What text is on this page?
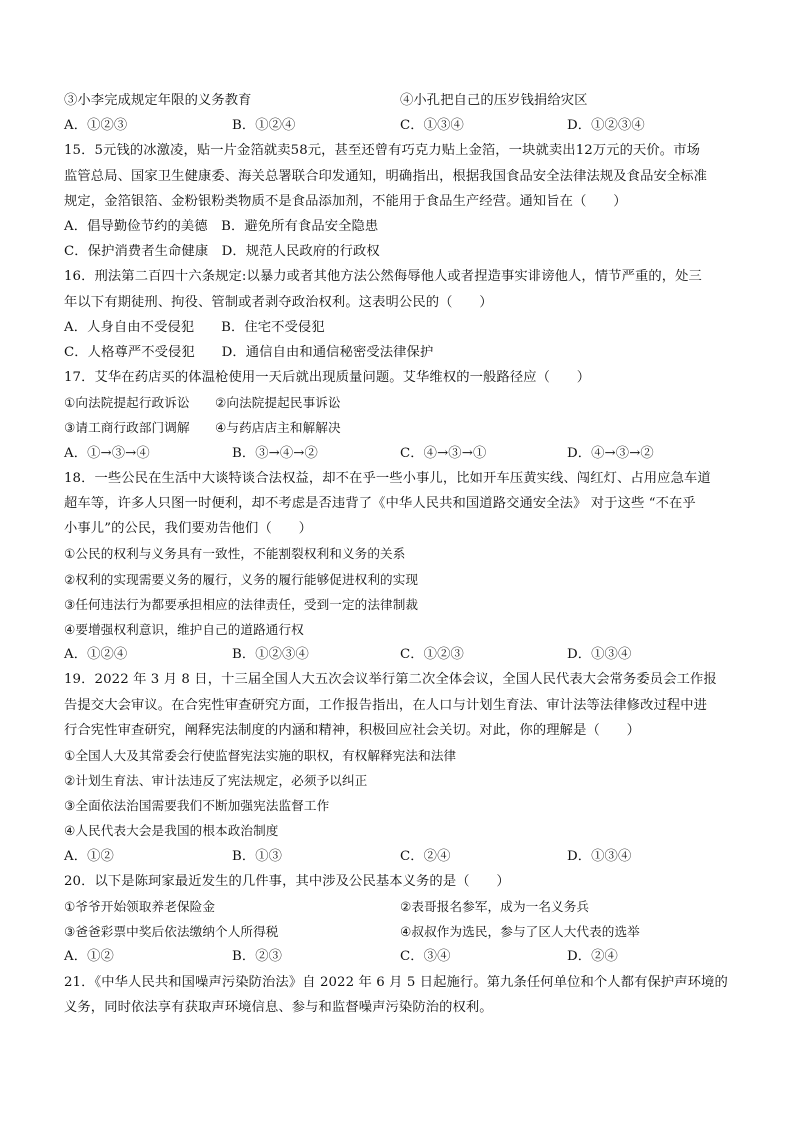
③小李完成规定年限的义务教育	④小孔把自己的压岁钱捐给灾区
A．①②③	B．①②④	C．①③④	D．①②③④
15．5元钱的冰激凌，贴一片金箔就卖58元，甚至还曾有巧克力贴上金箔，一块就卖出12万元的天价。市场
监管总局、国家卫生健康委、海关总署联合印发通知，明确指出，根据我国食品安全法律法规及食品安全标准
规定，金箔银箔、金粉银粉类物质不是食品添加剂，不能用于食品生产经营。通知旨在（　　）
A．倡导勤俭节约的美德　B．避免所有食品安全隐患
C．保护消费者生命健康　D．规范人民政府的行政权
16．刑法第二百四十六条规定:以暴力或者其他方法公然侮辱他人或者捏造事实诽谤他人，情节严重的，处三
年以下有期徒刑、拘役、管制或者剥夺政治权利。这表明公民的（　　）
A．人身自由不受侵犯　　B．住宅不受侵犯
C．人格尊严不受侵犯　　D．通信自由和通信秘密受法律保护
17．艾华在药店买的体温枪使用一天后就出现质量问题。艾华维权的一般路径应（　　）
①向法院提起行政诉讼　　②向法院提起民事诉讼
③请工商行政部门调解　　④与药店店主和解解决
A．①→③→④	B．③→④→②	C．④→③→①	D．④→③→②
18．一些公民在生活中大谈特谈合法权益，却不在乎一些小事儿，比如开车压黄实线、闯红灯、占用应急车道
超车等，许多人只图一时便利，却不考虑是否违背了《中华人民共和国道路交通安全法》 对于这些 “不在乎
小事儿”的公民，我们要劝告他们（　　）
①公民的权利与义务具有一致性，不能割裂权利和义务的关系
②权利的实现需要义务的履行，义务的履行能够促进权利的实现
③任何违法行为都要承担相应的法律责任，受到一定的法律制裁
④要增强权利意识，维护自己的道路通行权
A．①②④	B．①②③④	C．①②③	D．①③④
19．2022 年 3 月 8 日，十三届全国人大五次会议举行第二次全体会议，全国人民代表大会常务委员会工作报
告提交大会审议。在合宪性审查研究方面，工作报告指出，在人口与计划生育法、审计法等法律修改过程中进
行合宪性审查研究，阐释宪法制度的内涵和精神，积极回应社会关切。对此，你的理解是（　　）
①全国人大及其常委会行使监督宪法实施的职权，有权解释宪法和法律
②计划生育法、审计法违反了宪法规定，必须予以纠正
③全面依法治国需要我们不断加强宪法监督工作
④人民代表大会是我国的根本政治制度
A．①②	B．①③	C．②④	D．①③④
20．以下是陈珂家最近发生的几件事，其中涉及公民基本义务的是（　　）
①爷爷开始领取养老保险金	②表哥报名参军，成为一名义务兵
③爸爸彩票中奖后依法缴纳个人所得税	④叔叔作为选民，参与了区人大代表的选举
A．①②	B．②③	C．③④	D．②④
21．《中华人民共和国噪声污染防治法》自 2022 年 6 月 5 日起施行。第九条任何单位和个人都有保护声环境的
义务，同时依法享有获取声环境信息、参与和监督噪声污染防治的权利。
